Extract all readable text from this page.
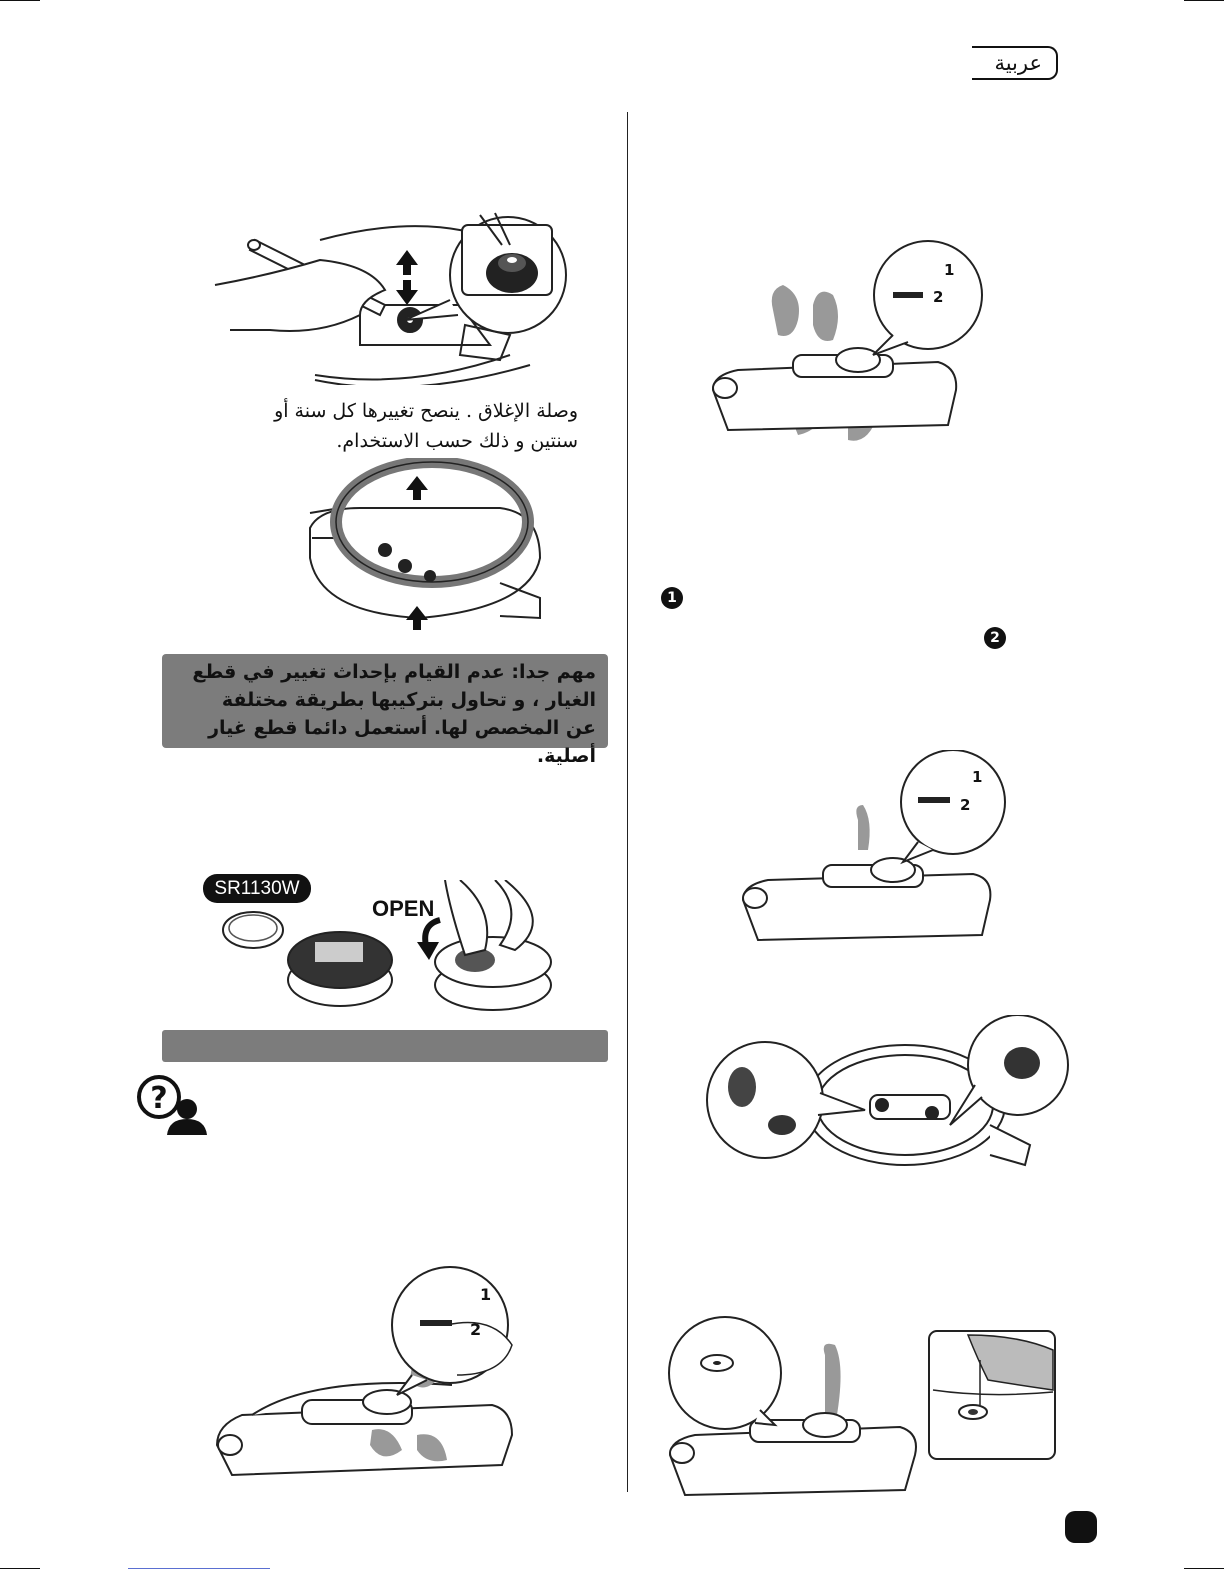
عربية
وصلة الإغلاق . ينصح تغييرها كل سنة أو
سنتين و ذلك حسب الاستخدام.
مهم جدا: عدم القيام بإحداث تغيير في قطع
الغيار ، و تحاول بتركيبها بطريقة مختلفة
عن المخصص لها. أستعمل دائما قطع غيار أصلية.
SR1130W
OPEN
?
2
1
2
1
1
2
2
1
